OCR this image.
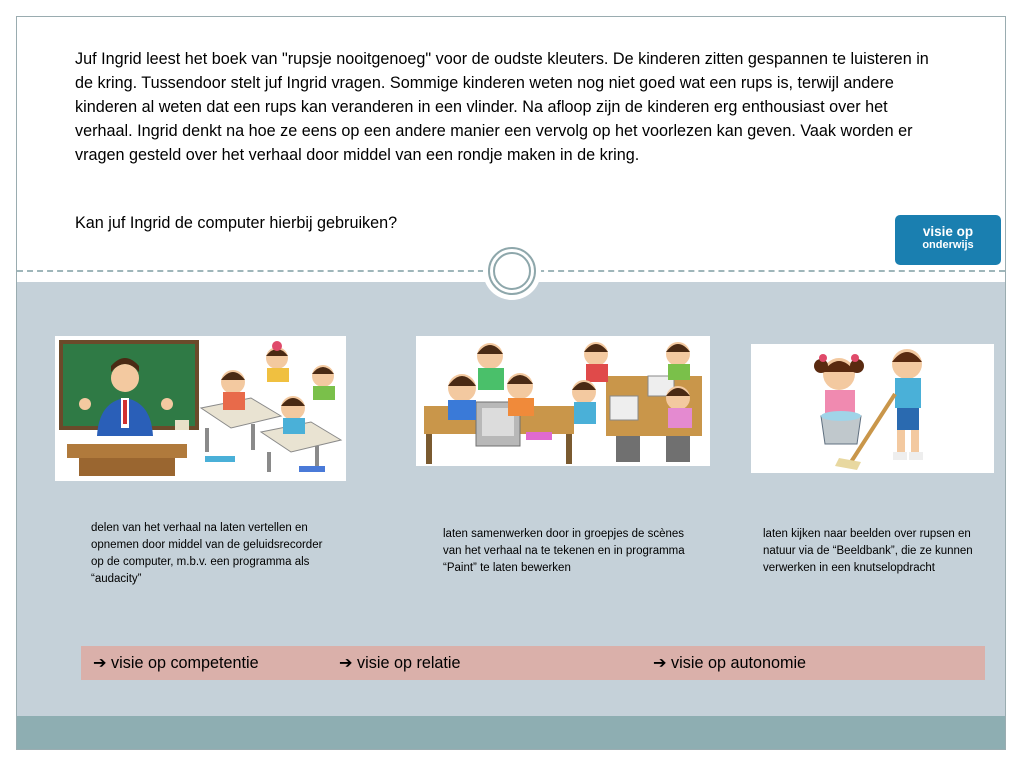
Juf Ingrid leest het boek van "rupsje nooitgenoeg" voor de oudste kleuters. De kinderen zitten gespannen te luisteren in de kring. Tussendoor stelt juf Ingrid vragen. Sommige kinderen weten nog niet goed wat een rups is, terwijl andere kinderen al weten dat een rups kan veranderen in een vlinder. Na afloop zijn de kinderen erg enthousiast over het verhaal. Ingrid denkt na hoe ze eens op een andere manier een vervolg op het voorlezen kan geven. Vaak worden er vragen gesteld over het verhaal door middel van een rondje maken in de kring.

Kan juf Ingrid de computer hierbij gebruiken?	visie op
onderwijs
delen van het verhaal na laten vertellen en opnemen door middel van de geluidsrecorder op de computer, m.b.v. een programma als “audacity”
laten samenwerken door in groepjes de scènes van het verhaal na te tekenen en in programma “Paint” te laten bewerken
laten kijken naar beelden over rupsen en natuur via de “Beeldbank”, die ze kunnen verwerken in een knutselopdracht
➔ visie op competentie	➔ visie op relatie	➔ visie op autonomie
